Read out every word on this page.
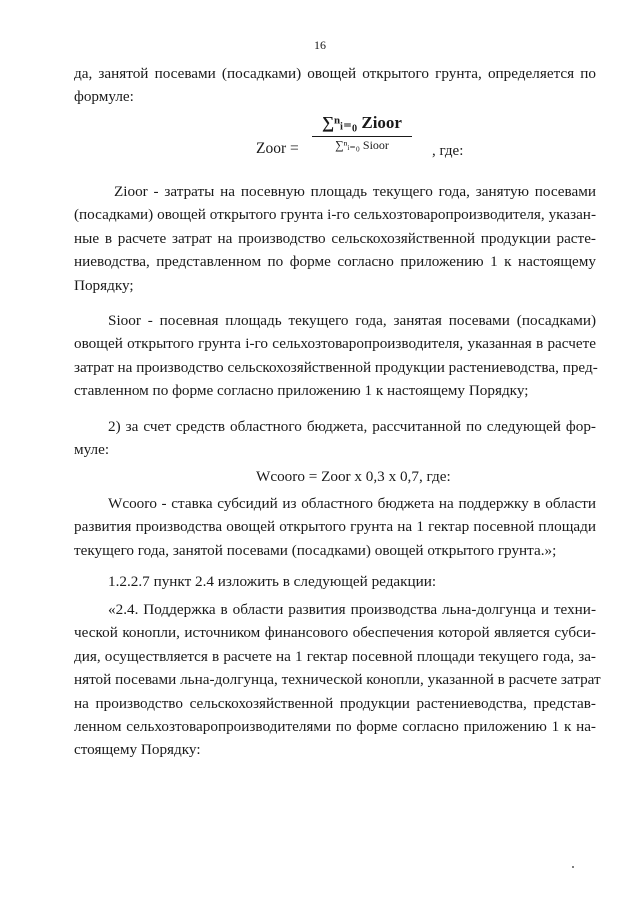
16
да, занятой посевами (посадками) овощей открытого грунта, определяется по
формуле:
Zoor =
∑ⁿᵢ₌₀ Zioor
∑ⁿᵢ₌₀ Sioor	, где:
Zioor - затраты на посевную площадь текущего года, занятую посевами
(посадками) овощей открытого грунта i-го сельхозтоваропроизводителя, указан-
ные в расчете затрат на производство сельскохозяйственной продукции расте-
ниеводства, представленном по форме согласно приложению 1 к настоящему
Порядку;
Sioor - посевная площадь текущего года, занятая посевами (посадками)
овощей открытого грунта i-го сельхозтоваропроизводителя, указанная в расчете
затрат на производство сельскохозяйственной продукции растениеводства, пред-
ставленном по форме согласно приложению 1 к настоящему Порядку;
2) за счет средств областного бюджета, рассчитанной по следующей фор-
муле:
Wcooro = Zoor x 0,3 x 0,7, где:
Wcooro - ставка субсидий из областного бюджета на поддержку в области
развития производства овощей открытого грунта на 1 гектар посевной площади
текущего года, занятой посевами (посадками) овощей открытого грунта.»;
1.2.2.7 пункт 2.4 изложить в следующей редакции:
«2.4. Поддержка в области развития производства льна-долгунца и техни-
ческой конопли, источником финансового обеспечения которой является субси-
дия, осуществляется в расчете на 1 гектар посевной площади текущего года, за-
нятой посевами льна-долгунца, технической конопли, указанной в расчете затрат
на производство сельскохозяйственной продукции растениеводства, представ-
ленном сельхозтоваропроизводителями по форме согласно приложению 1 к на-
стоящему Порядку:
